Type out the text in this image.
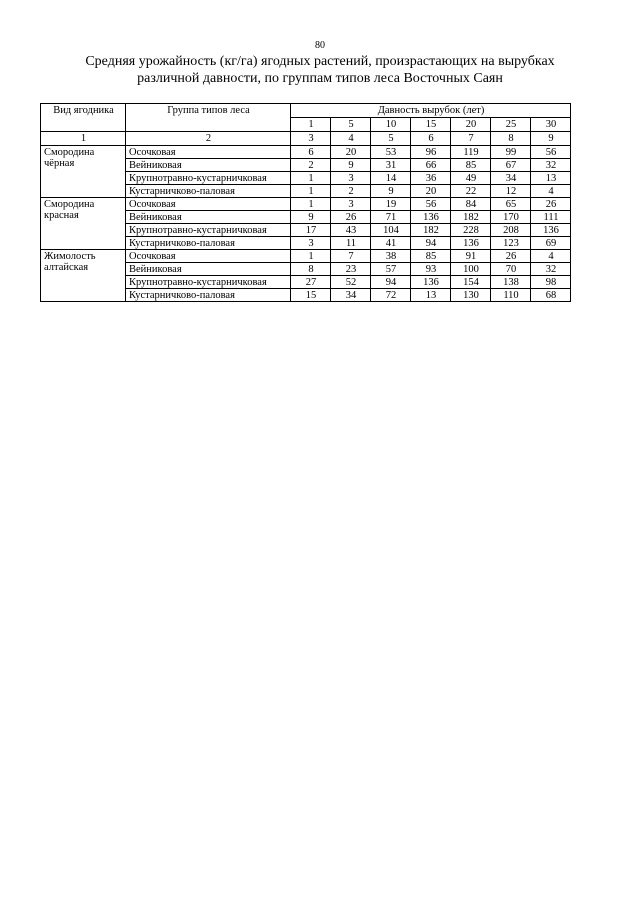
80
Средняя урожайность (кг/га) ягодных растений, произрастающих на вырубках
различной давности, по группам типов леса Восточных Саян
Вид ягодника	Группа типов леса	Давность вырубок (лет)						
		1	5	10	15	20	25	30
1	2	3	4	5	6	7	8	9
Смородина чёрная	Осочковая	6	20	53	96	119	99	56
	Вейниковая	2	9	31	66	85	67	32
	Крупнотравно-кустарничковая	1	3	14	36	49	34	13
	Кустарничково-паловая	1	2	9	20	22	12	4
Смородина красная	Осочковая	1	3	19	56	84	65	26
	Вейниковая	9	26	71	136	182	170	111
	Крупнотравно-кустарничковая	17	43	104	182	228	208	136
	Кустарничково-паловая	3	11	41	94	136	123	69
Жимолость алтайская	Осочковая	1	7	38	85	91	26	4
	Вейниковая	8	23	57	93	100	70	32
	Крупнотравно-кустарничковая	27	52	94	136	154	138	98
	Кустарничково-паловая	15	34	72	13	130	110	68
